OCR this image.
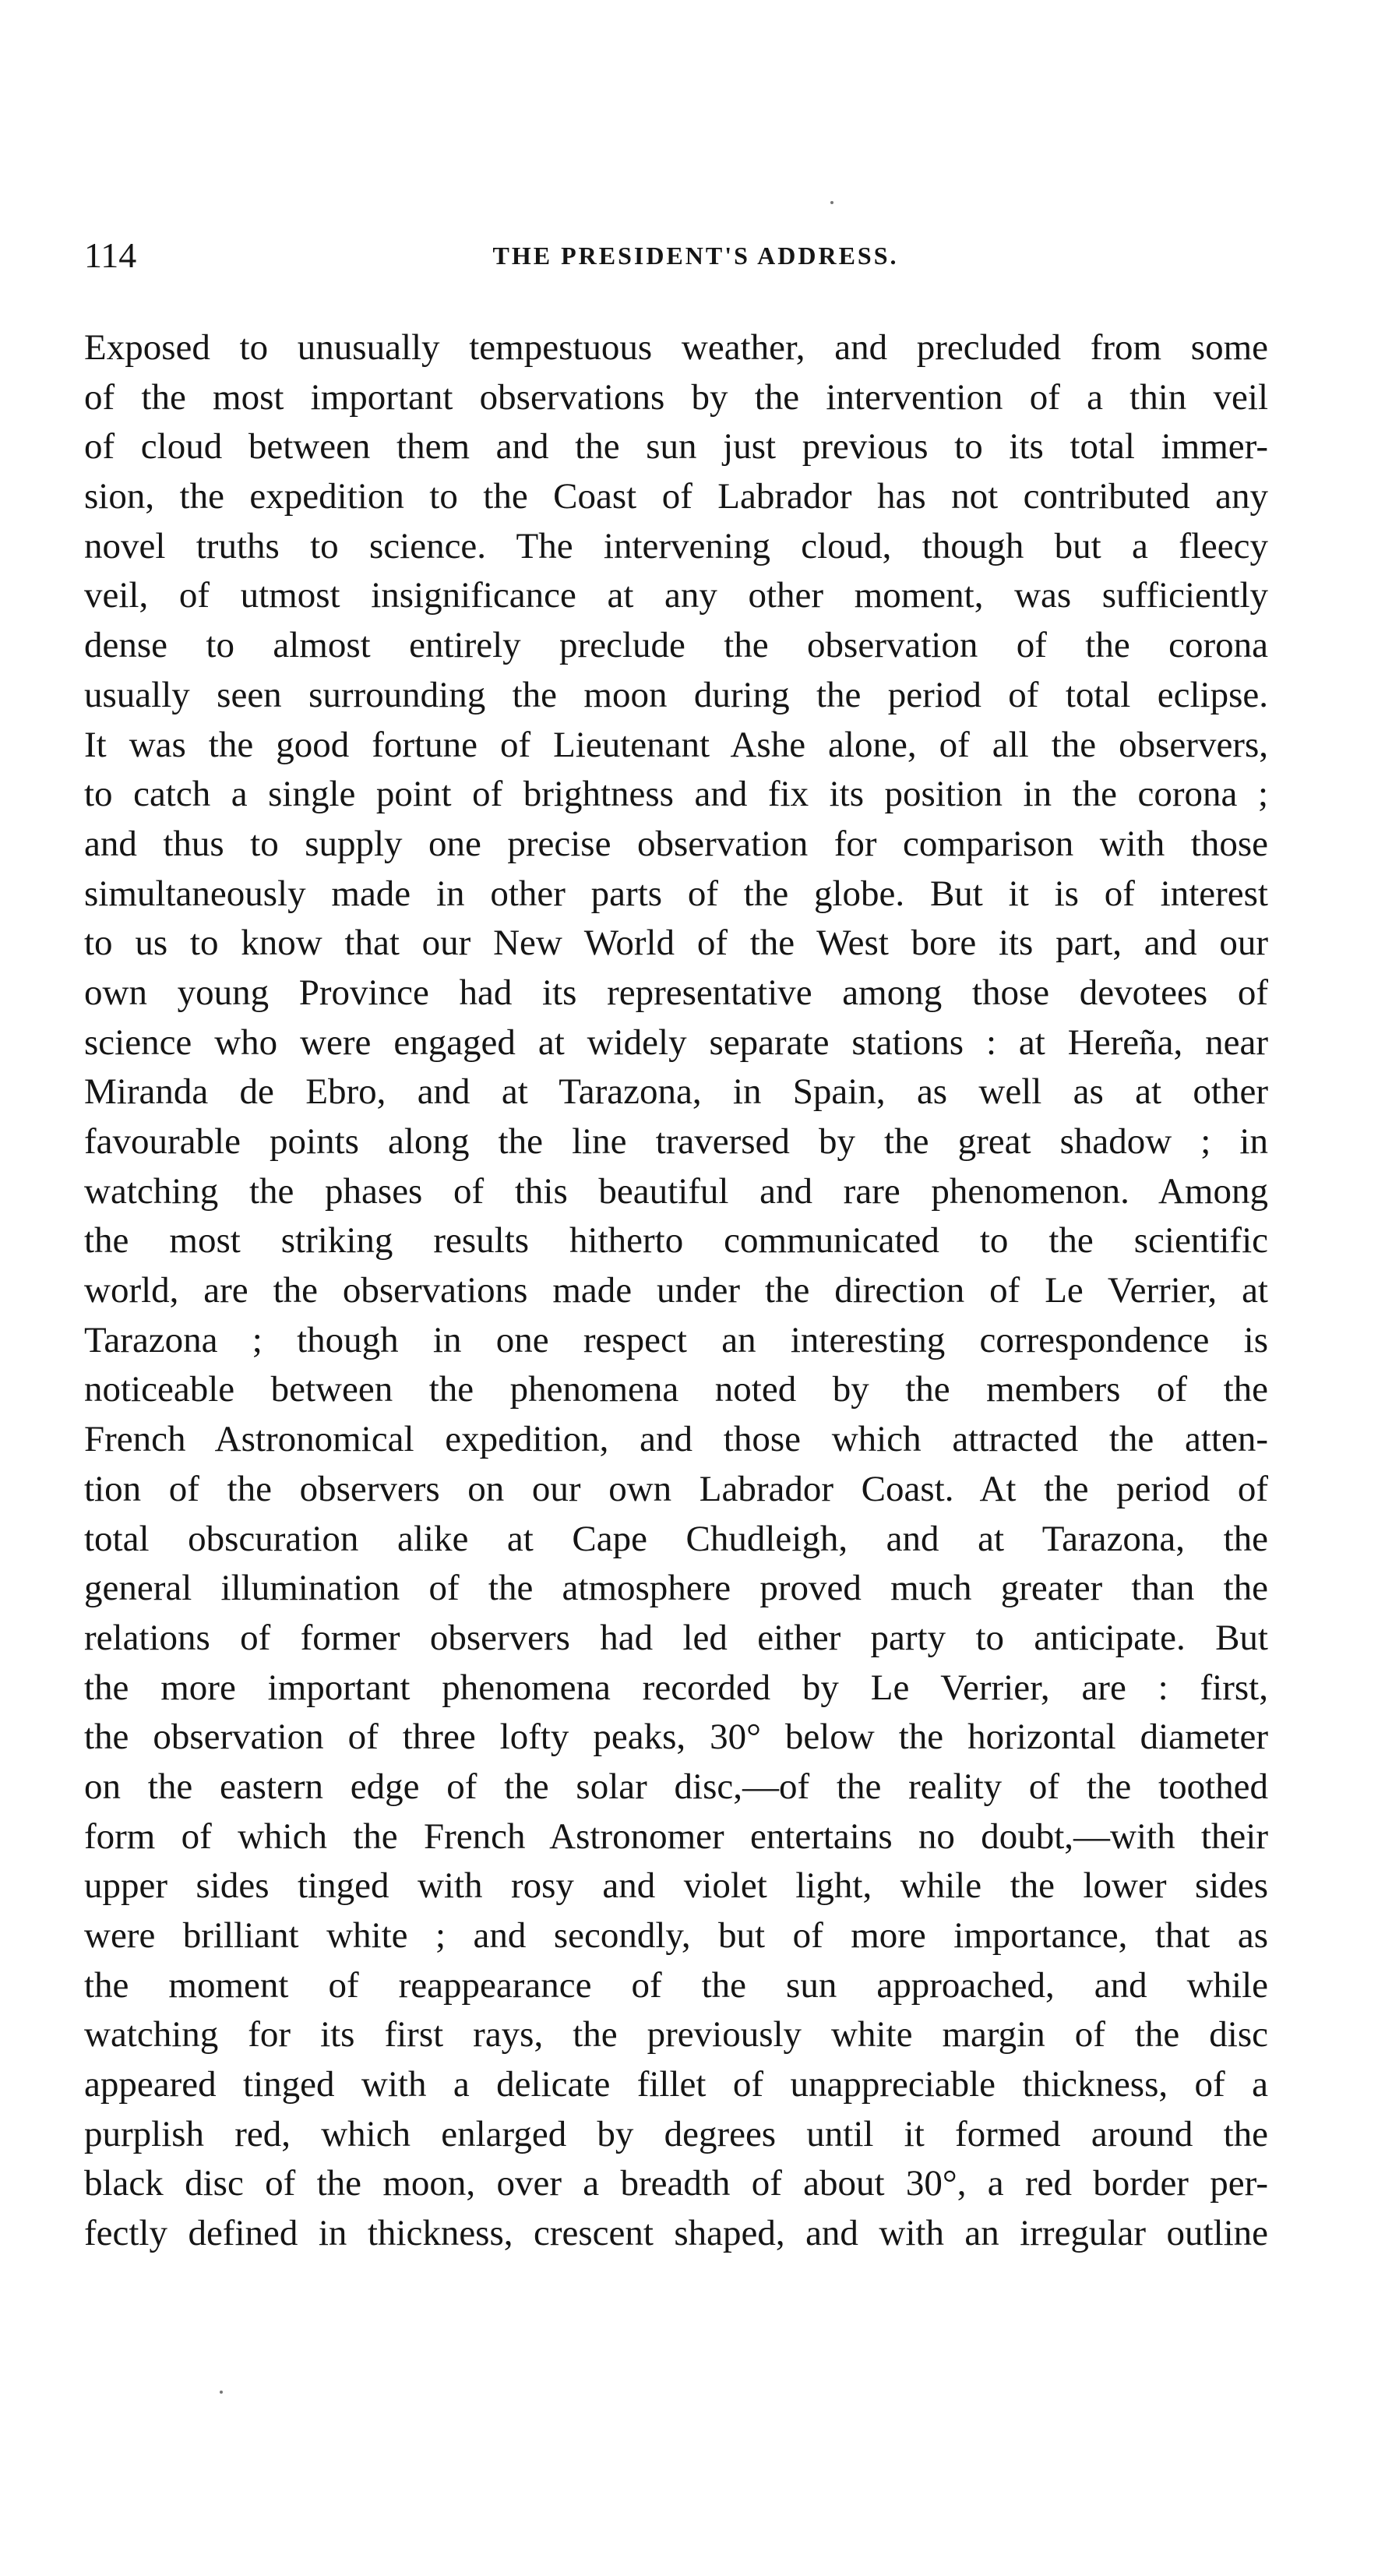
114	THE PRESIDENT'S ADDRESS.
Exposed to unusually tempestuous weather, and precluded from some
of the most important observations by the intervention of a thin veil
of cloud between them and the sun just previous to its total immer-
sion, the expedition to the Coast of Labrador has not contributed any
novel truths to science. The intervening cloud, though but a fleecy
veil, of utmost insignificance at any other moment, was sufficiently
dense to almost entirely preclude the observation of the corona
usually seen surrounding the moon during the period of total eclipse.
It was the good fortune of Lieutenant Ashe alone, of all the observers,
to catch a single point of brightness and fix its position in the corona ;
and thus to supply one precise observation for comparison with those
simultaneously made in other parts of the globe. But it is of interest
to us to know that our New World of the West bore its part, and our
own young Province had its representative among those devotees of
science who were engaged at widely separate stations : at Hereña, near
Miranda de Ebro, and at Tarazona, in Spain, as well as at other
favourable points along the line traversed by the great shadow ; in
watching the phases of this beautiful and rare phenomenon. Among
the most striking results hitherto communicated to the scientific
world, are the observations made under the direction of Le Verrier, at
Tarazona ; though in one respect an interesting correspondence is
noticeable between the phenomena noted by the members of the
French Astronomical expedition, and those which attracted the atten-
tion of the observers on our own Labrador Coast. At the period of
total obscuration alike at Cape Chudleigh, and at Tarazona, the
general illumination of the atmosphere proved much greater than the
relations of former observers had led either party to anticipate. But
the more important phenomena recorded by Le Verrier, are : first,
the observation of three lofty peaks, 30° below the horizontal diameter
on the eastern edge of the solar disc,—of the reality of the toothed
form of which the French Astronomer entertains no doubt,—with their
upper sides tinged with rosy and violet light, while the lower sides
were brilliant white ; and secondly, but of more importance, that as
the moment of reappearance of the sun approached, and while
watching for its first rays, the previously white margin of the disc
appeared tinged with a delicate fillet of unappreciable thickness, of a
purplish red, which enlarged by degrees until it formed around the
black disc of the moon, over a breadth of about 30°, a red border per-
fectly defined in thickness, crescent shaped, and with an irregular outline
